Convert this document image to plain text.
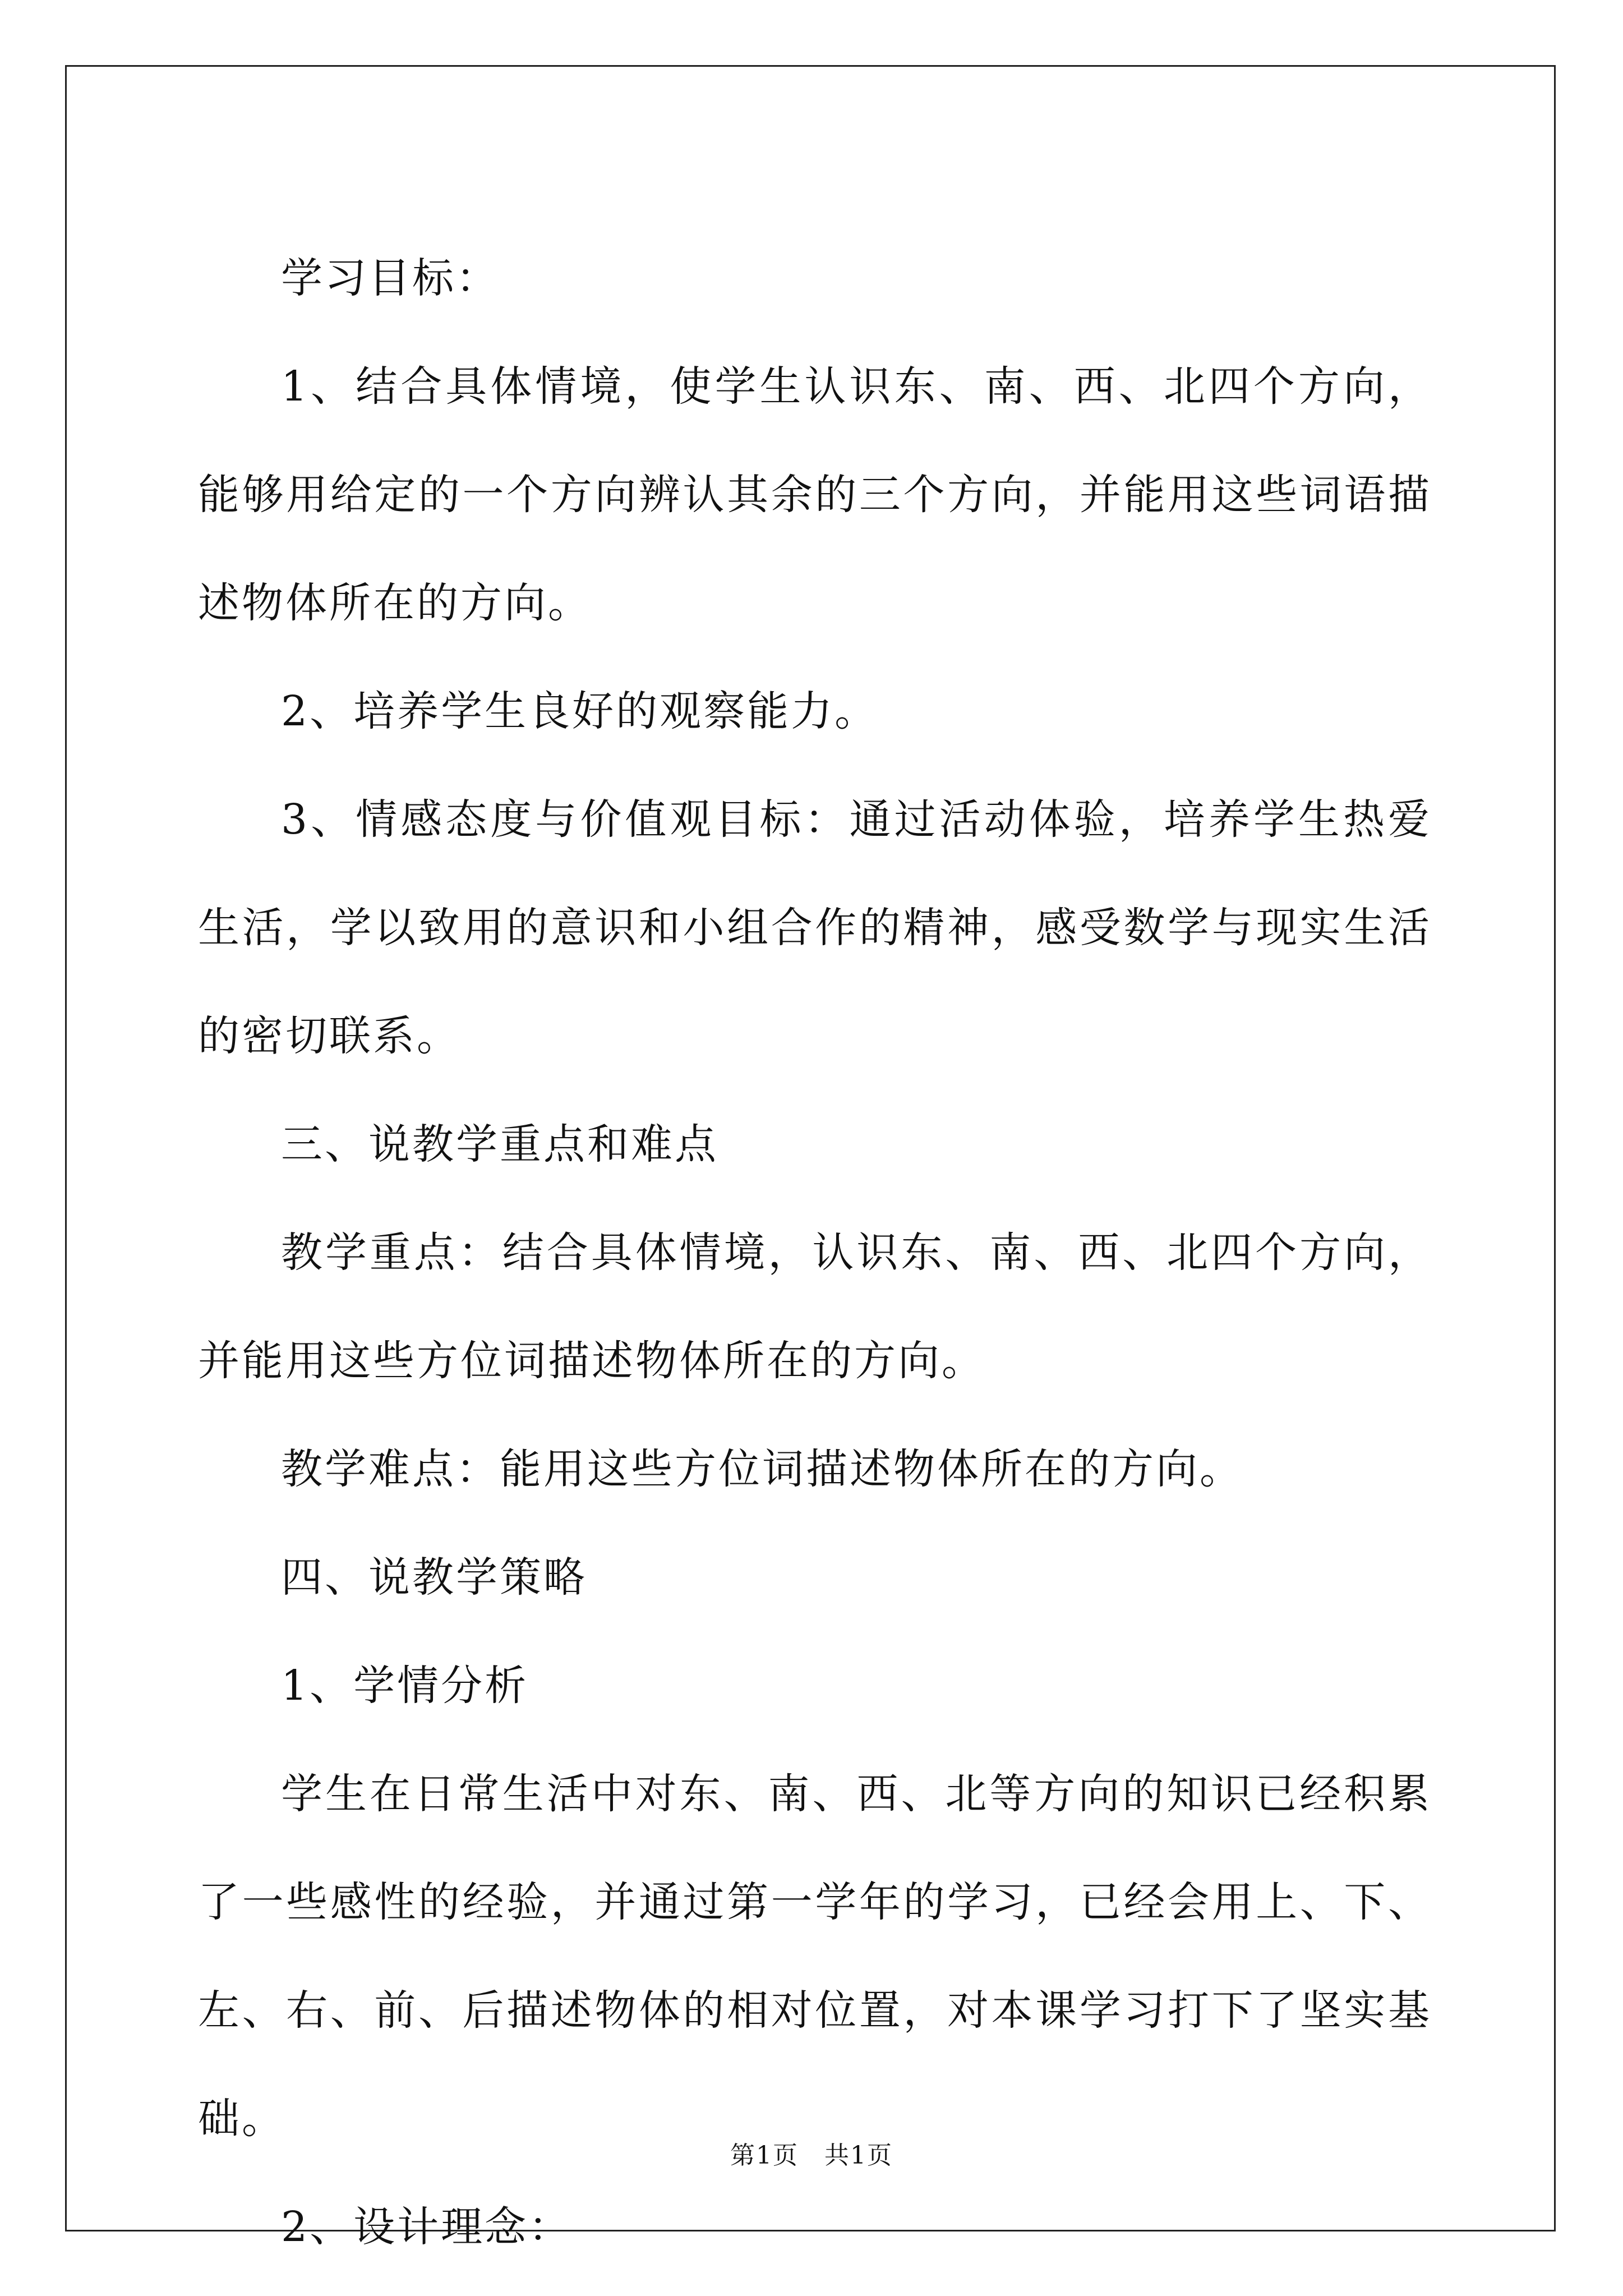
学习目标：

1、结合具体情境，使学生认识东、南、西、北四个方向，能够用给定的一个方向辨认其余的三个方向，并能用这些词语描述物体所在的方向。

2、培养学生良好的观察能力。

3、情感态度与价值观目标：通过活动体验，培养学生热爱生活，学以致用的意识和小组合作的精神，感受数学与现实生活的密切联系。

三、说教学重点和难点

教学重点：结合具体情境，认识东、南、西、北四个方向，并能用这些方位词描述物体所在的方向。

教学难点：能用这些方位词描述物体所在的方向。

四、说教学策略

1、学情分析

学生在日常生活中对东、南、西、北等方向的知识已经积累了一些感性的经验，并通过第一学年的学习，已经会用上、下、左、右、前、后描述物体的相对位置，对本课学习打下了坚实基础。

2、设计理念：

第1页　共1页
